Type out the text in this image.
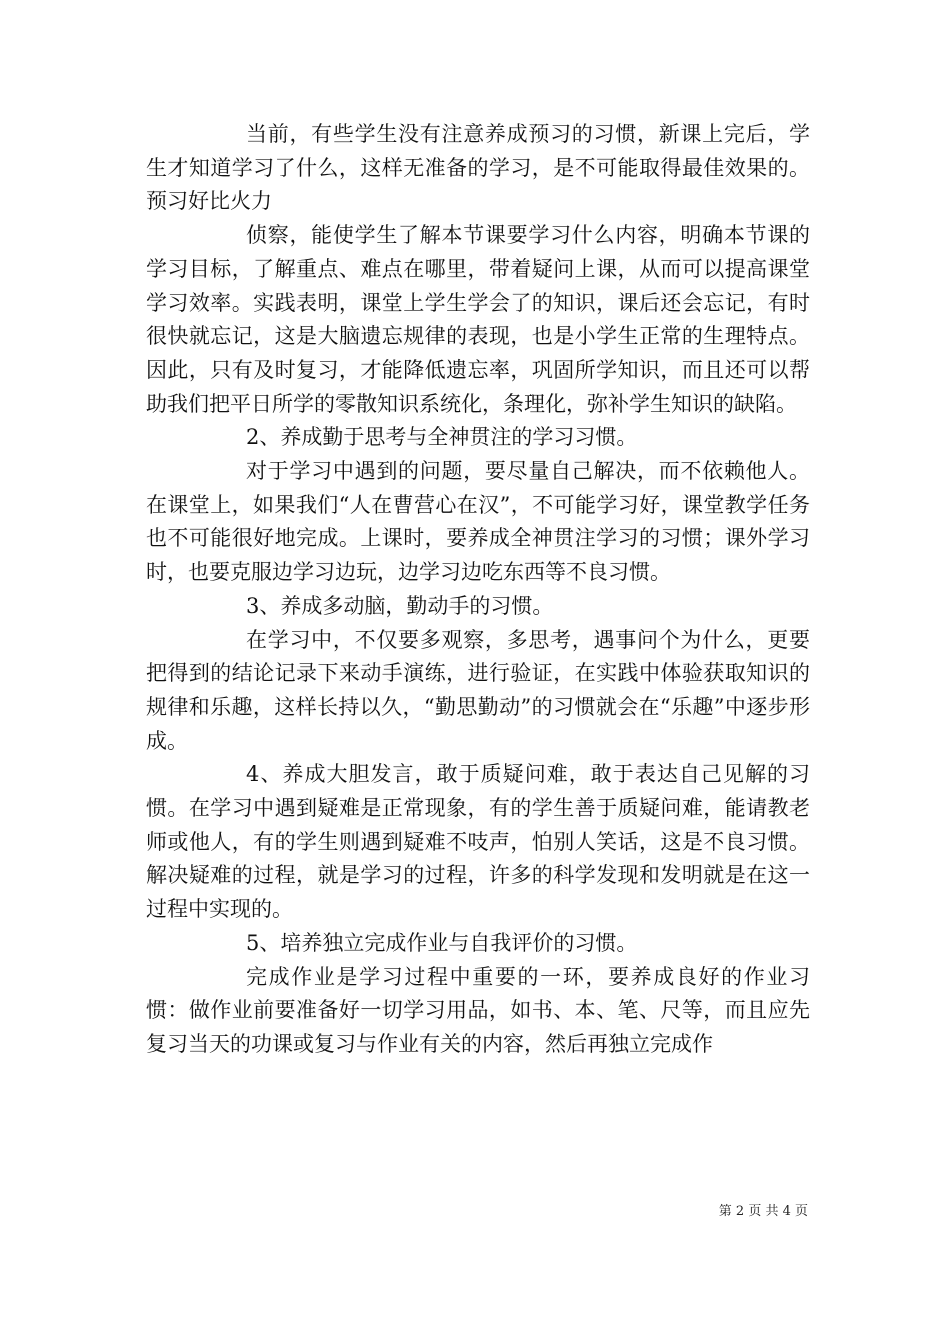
当前，有些学生没有注意养成预习的习惯，新课上完后，学生才知道学习了什么，这样无准备的学习，是不可能取得最佳效果的。预习好比火力

侦察，能使学生了解本节课要学习什么内容，明确本节课的学习目标，了解重点、难点在哪里，带着疑问上课，从而可以提高课堂学习效率。实践表明，课堂上学生学会了的知识，课后还会忘记，有时很快就忘记，这是大脑遗忘规律的表现，也是小学生正常的生理特点。因此，只有及时复习，才能降低遗忘率，巩固所学知识，而且还可以帮助我们把平日所学的零散知识系统化，条理化，弥补学生知识的缺陷。

2、养成勤于思考与全神贯注的学习习惯。

对于学习中遇到的问题，要尽量自己解决，而不依赖他人。在课堂上，如果我们“人在曹营心在汉”，不可能学习好，课堂教学任务也不可能很好地完成。上课时，要养成全神贯注学习的习惯；课外学习时，也要克服边学习边玩，边学习边吃东西等不良习惯。

3、养成多动脑，勤动手的习惯。

在学习中，不仅要多观察，多思考，遇事问个为什么，更要把得到的结论记录下来动手演练，进行验证，在实践中体验获取知识的规律和乐趣，这样长持以久，“勤思勤动”的习惯就会在“乐趣”中逐步形成。

4、养成大胆发言，敢于质疑问难，敢于表达自己见解的习惯。在学习中遇到疑难是正常现象，有的学生善于质疑问难，能请教老师或他人，有的学生则遇到疑难不吱声，怕别人笑话，这是不良习惯。解决疑难的过程，就是学习的过程，许多的科学发现和发明就是在这一过程中实现的。

5、培养独立完成作业与自我评价的习惯。

完成作业是学习过程中重要的一环，要养成良好的作业习惯：做作业前要准备好一切学习用品，如书、本、笔、尺等，而且应先复习当天的功课或复习与作业有关的内容，然后再独立完成作

第 2 页 共 4 页
